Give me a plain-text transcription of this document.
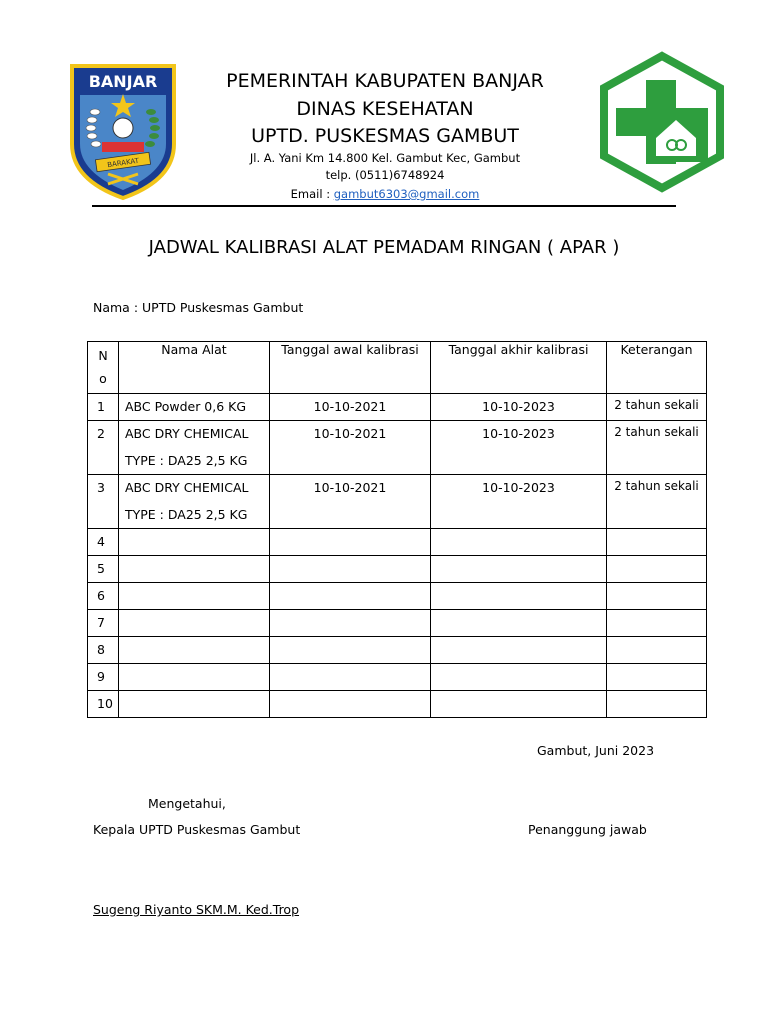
BANJAR
BARAKAT
PEMERINTAH KABUPATEN BANJAR
DINAS KESEHATAN
UPTD. PUSKESMAS GAMBUT
Jl. A. Yani Km 14.800 Kel. Gambut Kec, Gambut
telp. (0511)6748924
Email : gambut6303@gmail.com
JADWAL KALIBRASI ALAT PEMADAM RINGAN ( APAR )
Nama : UPTD Puskesmas Gambut
N
o	Nama Alat	Tanggal awal kalibrasi	Tanggal akhir kalibrasi	Keterangan

1	ABC Powder 0,6 KG	10-10-2021	10-10-2023	2 tahun sekali

2	ABC DRY CHEMICAL
TYPE : DA25 2,5 KG	10-10-2021	10-10-2023	2 tahun sekali

3	ABC DRY CHEMICAL
TYPE : DA25 2,5 KG	10-10-2021	10-10-2023	2 tahun sekali

4				

5				

6				

7				

8				

9				

10				

Gambut, Juni 2023
Mengetahui,
Kepala UPTD Puskesmas Gambut	Penanggung jawab
Sugeng Riyanto SKM.M. Ked.Trop
